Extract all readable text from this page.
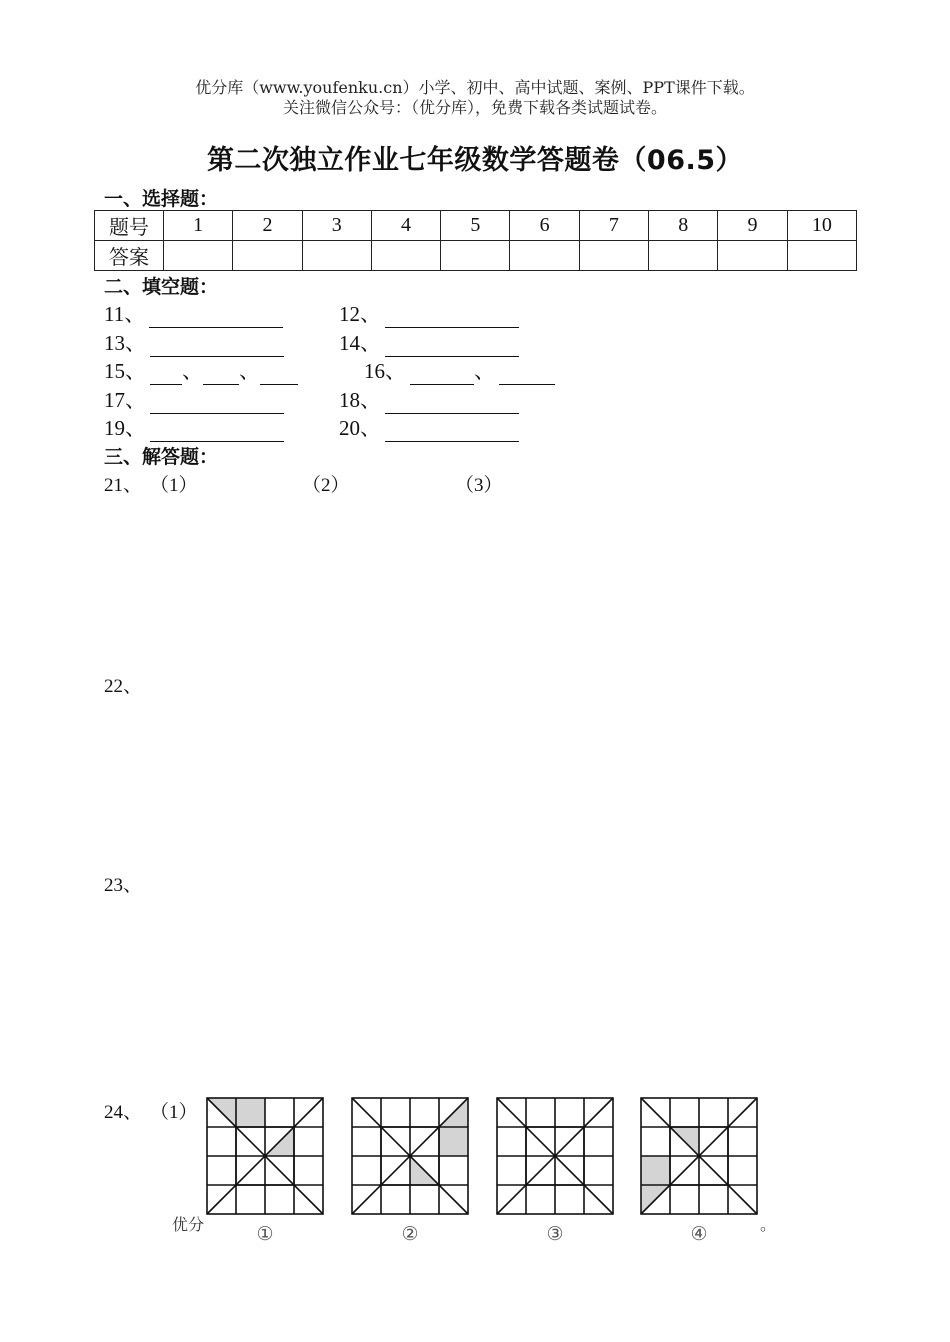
优分库（www.youfenku.cn）小学、初中、高中试题、案例、PPT课件下载。
关注微信公众号：（优分库），免费下载各类试题试卷。
第二次独立作业七年级数学答题卷（06.5）
一、选择题：
题号	1	2	3	4	5	6	7	8	9	10
答案										
二、填空题：
11、	12、
13、	14、
15、 、 、	16、	、
17、	18、
19、	20、
三、解答题：
21、 （1）	（2）	（3）
22、
23、
24、 （1）
①	②	③	④
优分	。
